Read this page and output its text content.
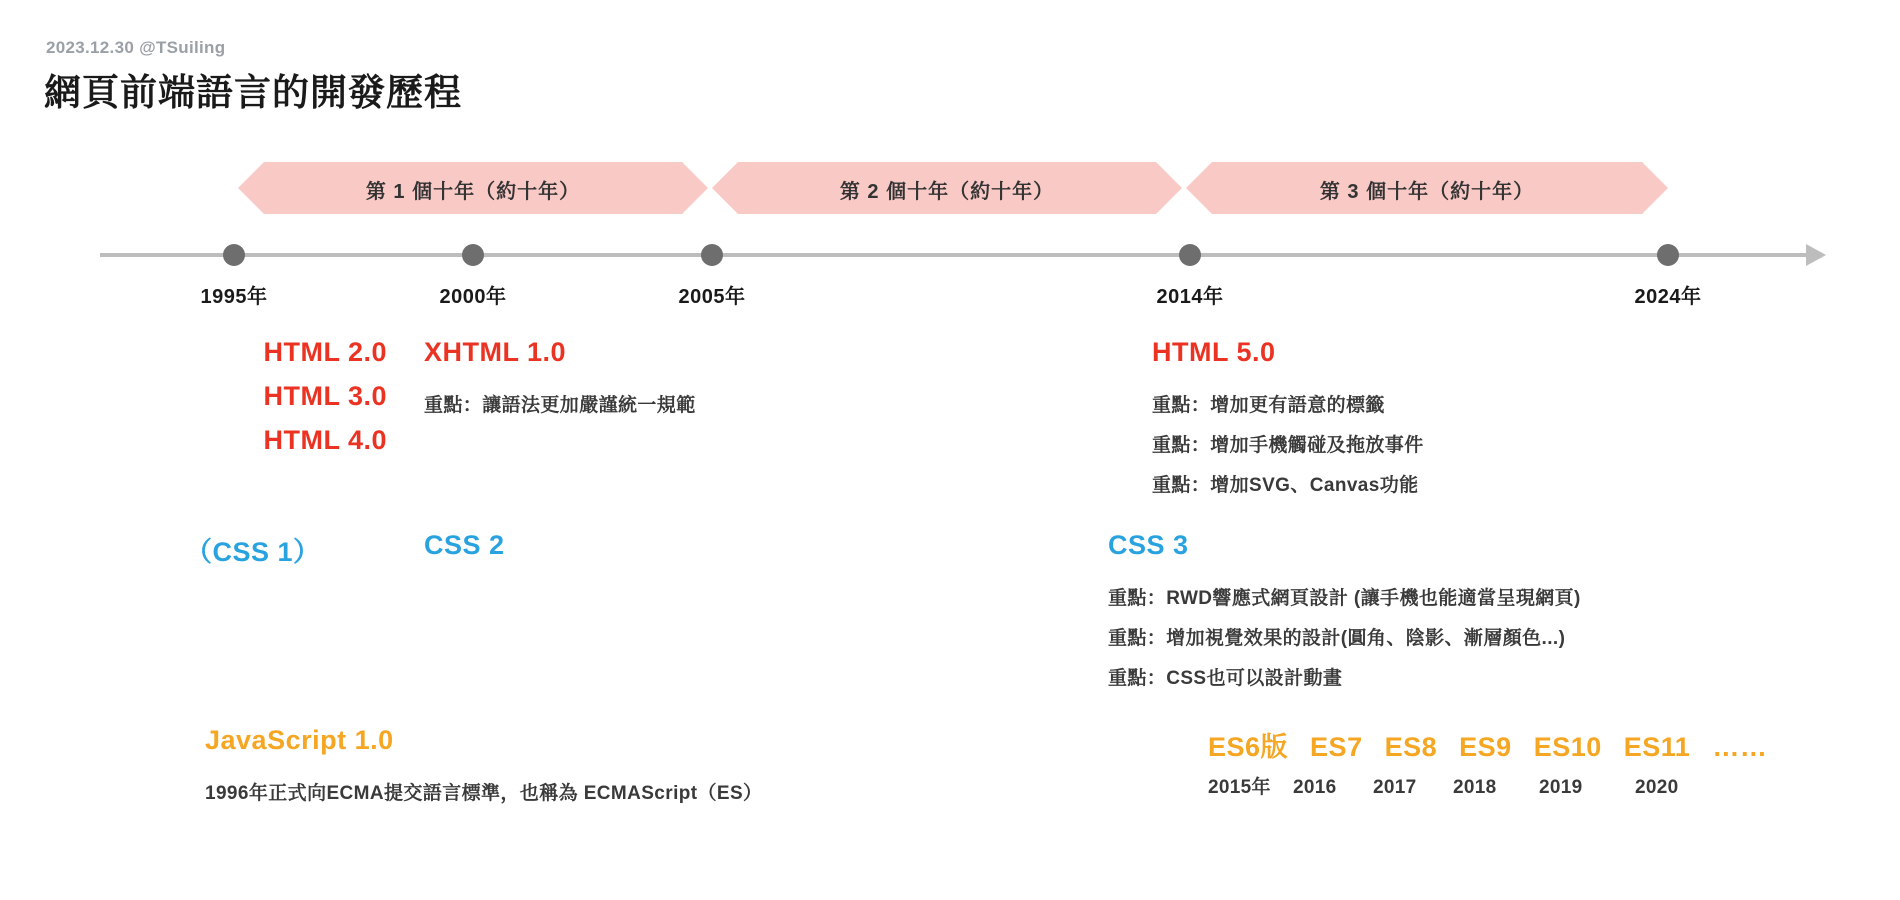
2023.12.30 @TSuiling
網頁前端語言的開發歷程
第 1 個十年（約十年）	第 2 個十年（約十年）	第 3 個十年（約十年）
1995年	2000年	2005年	2014年	2024年
HTML 2.0
HTML 3.0
HTML 4.0
XHTML 1.0
重點：讓語法更加嚴謹統一規範
HTML 5.0
重點：增加更有語意的標籤
重點：增加手機觸碰及拖放事件
重點：增加SVG、Canvas功能
（CSS 1）	CSS 2	CSS 3
重點：RWD響應式網頁設計 (讓手機也能適當呈現網頁)
重點：增加視覺效果的設計(圓角、陰影、漸層顏色...)
重點：CSS也可以設計動畫
JavaScript 1.0
1996年正式向ECMA提交語言標準，也稱為 ECMAScript（ES）
ES6版 ES7 ES8 ES9 ES10 ES11 ……
2015年	2016	2017	2018	2019	2020
